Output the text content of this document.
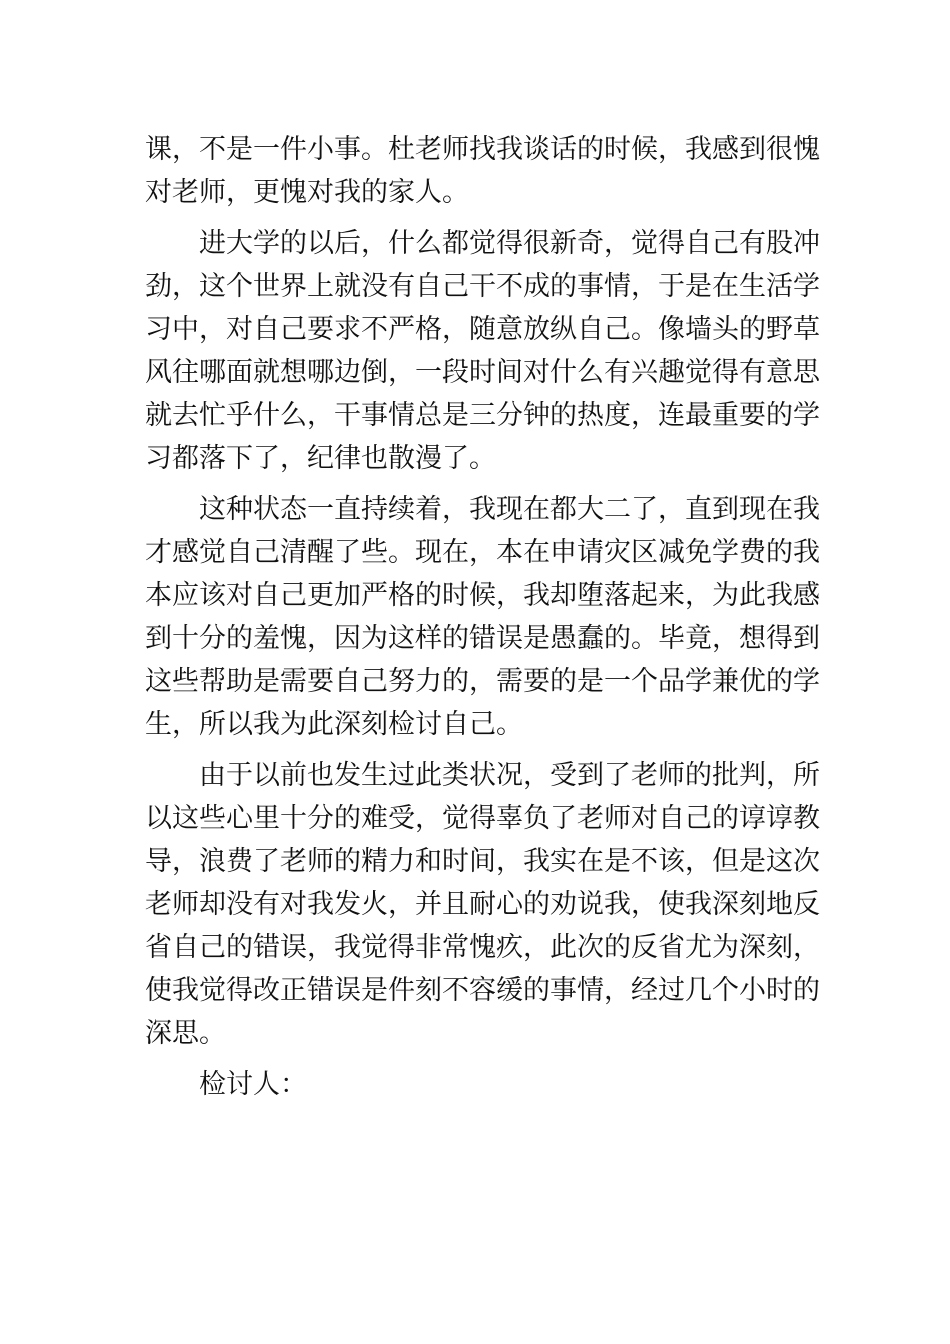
课，不是一件小事。杜老师找我谈话的时候，我感到很愧
对老师，更愧对我的家人。
进大学的以后，什么都觉得很新奇，觉得自己有股冲
劲，这个世界上就没有自己干不成的事情，于是在生活学
习中，对自己要求不严格，随意放纵自己。像墙头的野草
风往哪面就想哪边倒，一段时间对什么有兴趣觉得有意思
就去忙乎什么，干事情总是三分钟的热度，连最重要的学
习都落下了，纪律也散漫了。
这种状态一直持续着，我现在都大二了，直到现在我
才感觉自己清醒了些。现在，本在申请灾区减免学费的我
本应该对自己更加严格的时候，我却堕落起来，为此我感
到十分的羞愧，因为这样的错误是愚蠢的。毕竟，想得到
这些帮助是需要自己努力的，需要的是一个品学兼优的学
生，所以我为此深刻检讨自己。
由于以前也发生过此类状况，受到了老师的批判，所
以这些心里十分的难受，觉得辜负了老师对自己的谆谆教
导，浪费了老师的精力和时间，我实在是不该，但是这次
老师却没有对我发火，并且耐心的劝说我，使我深刻地反
省自己的错误，我觉得非常愧疚，此次的反省尤为深刻，
使我觉得改正错误是件刻不容缓的事情，经过几个小时的
深思。
检讨人：
